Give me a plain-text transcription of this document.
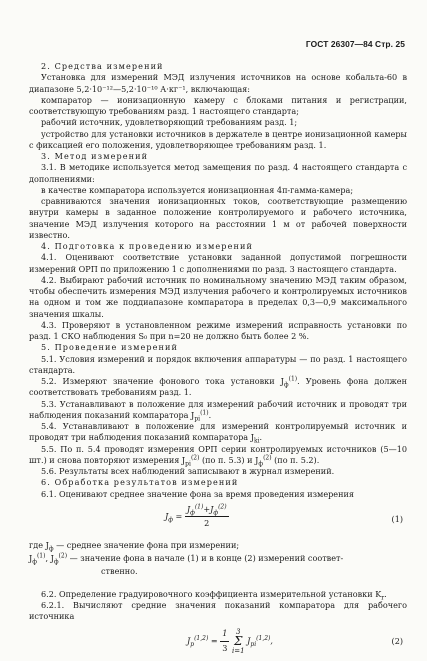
ГОСТ 26307—84 Стр. 25

2. Средства измерений

Установка для измерений МЭД излучения источников на основе кобальта-60 в диапазоне 5,2·10⁻¹²—5,2·10⁻¹⁰ А·кг⁻¹, включающая:

компаратор — ионизационную камеру с блоками питания и регистрации, соответствующую требованиям разд. 1 настоящего стандарта;

рабочий источник, удовлетворяющий требованиям разд. 1;

устройство для установки источников в держателе в центре ионизационной камеры с фиксацией его положения, удовлетворяющее требованиям разд. 1.

3. Метод измерений

3.1. В методике используется метод замещения по разд. 4 настоящего стандарта с дополнениями:

в качестве компаратора используется ионизационная 4π-гамма-камера;

сравниваются значения ионизационных токов, соответствующие размещению внутри камеры в заданное положение контролируемого и рабочего источника, значение МЭД излучения которого на расстоянии 1 м от рабочей поверхности известно.

4. Подготовка к проведению измерений

4.1. Оценивают соответствие установки заданной допустимой погрешности измерений ОРП по приложению 1 с дополнениями по разд. 3 настоящего стандарта.

4.2. Выбирают рабочий источник по номинальному значению МЭД таким образом, чтобы обеспечить измерения МЭД излучения рабочего и контролируемых источников на одном и том же поддиапазоне компаратора в пределах 0,3—0,9 максимального значения шкалы.

4.3. Проверяют в установленном режиме измерений исправность установки по разд. 1 СКО наблюдения S₀ при n=20 не должно быть более 2 %.

5. Проведение измерений

5.1. Условия измерений и порядок включения аппаратуры — по разд. 1 настоящего стандарта.

5.2. Измеряют значение фонового тока установки $J_ф^{(1)}$. Уровень фона должен соответствовать требованиям разд. 1.

5.3. Устанавливают в положение для измерений рабочий источник и проводят три наблюдения показаний компаратора $J_{pi}^{(1)}$.

5.4. Устанавливают в положение для измерений контролируемый источник и проводят три наблюдения показаний компаратора $J_{ki}$.

5.5. По п. 5.4 проводят измерения ОРП серии контролируемых источников (5—10 шт.) и снова повторяют измерения $J_{pi}^{(2)}$ (по п. 5.3) и $J_ф^{(2)}$ (по п. 5.2).

5.6. Результаты всех наблюдений записывают в журнал измерений.

6. Обработка результатов измерений

6.1. Оценивают среднее значение фона за время проведения измерения

$J_ф = \frac{J_ф^{(1)}+J_ф^{(2)}}{2}$	(1)
где $J_ф$ — среднее значение фона при измерении;
$J_ф^{(1)}$, $J_ф^{(2)}$ — значение фона в начале (1) и в конце (2) измерений соответ-
ственно.

6.2. Определение градуировочного коэффициента измерительной установки $K_r$.

6.2.1. Вычисляют средние значения показаний компаратора для рабочего источника

$J_p^{(1,2)} = \frac{1}{3} 3$
Σ
i=1 $J_{pi}^{(1,2)}$,	(2)
